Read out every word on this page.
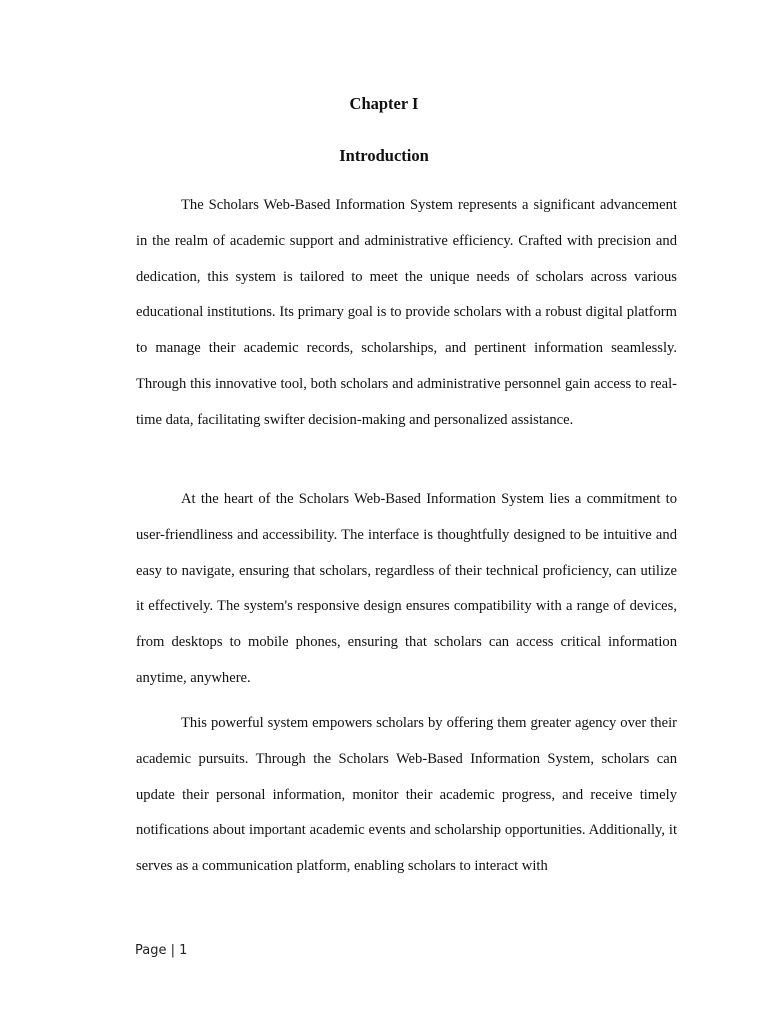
Chapter I
Introduction

The Scholars Web-Based Information System represents a significant advancement in the realm of academic support and administrative efficiency. Crafted with precision and dedication, this system is tailored to meet the unique needs of scholars across various educational institutions. Its primary goal is to provide scholars with a robust digital platform to manage their academic records, scholarships, and pertinent information seamlessly. Through this innovative tool, both scholars and administrative personnel gain access to real-time data, facilitating swifter decision-making and personalized assistance.

At the heart of the Scholars Web-Based Information System lies a commitment to user-friendliness and accessibility. The interface is thoughtfully designed to be intuitive and easy to navigate, ensuring that scholars, regardless of their technical proficiency, can utilize it effectively. The system's responsive design ensures compatibility with a range of devices, from desktops to mobile phones, ensuring that scholars can access critical information anytime, anywhere.

This powerful system empowers scholars by offering them greater agency over their academic pursuits. Through the Scholars Web-Based Information System, scholars can update their personal information, monitor their academic progress, and receive timely notifications about important academic events and scholarship opportunities. Additionally, it serves as a communication platform, enabling scholars to interact with

Page | 1
